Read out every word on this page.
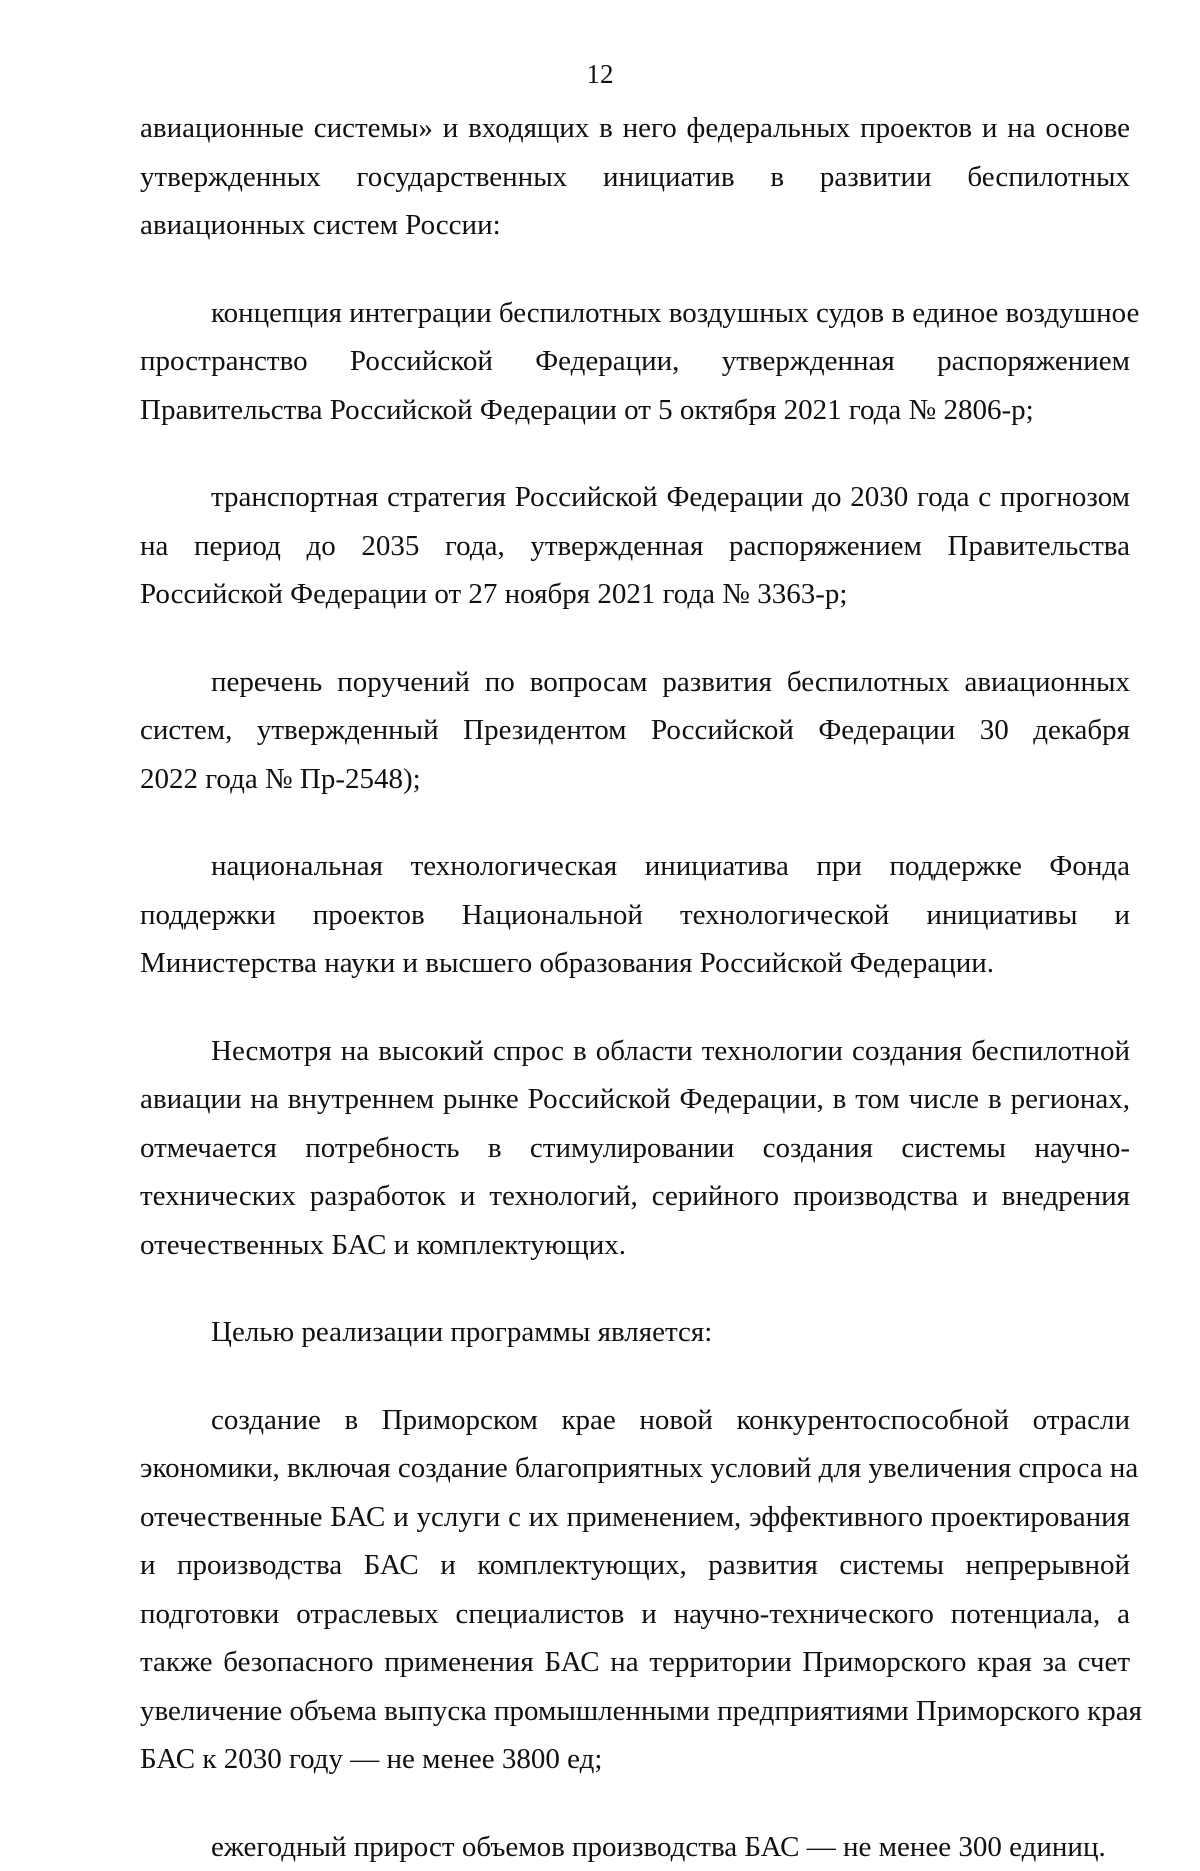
12
авиационные системы» и входящих в него федеральных проектов и на основе
утвержденных государственных инициатив в развитии беспилотных
авиационных систем России:
концепция интеграции беспилотных воздушных судов в единое воздушное
пространство Российской Федерации, утвержденная распоряжением
Правительства Российской Федерации от 5 октября 2021 года № 2806-р;
транспортная стратегия Российской Федерации до 2030 года с прогнозом
на период до 2035 года, утвержденная распоряжением Правительства
Российской Федерации от 27 ноября 2021 года № 3363-р;
перечень поручений по вопросам развития беспилотных авиационных
систем, утвержденный Президентом Российской Федерации 30 декабря
2022 года № Пр-2548);
национальная технологическая инициатива при поддержке Фонда
поддержки проектов Национальной технологической инициативы и
Министерства науки и высшего образования Российской Федерации.
Несмотря на высокий спрос в области технологии создания беспилотной
авиации на внутреннем рынке Российской Федерации, в том числе в регионах,
отмечается потребность в стимулировании создания системы научно-
технических разработок и технологий, серийного производства и внедрения
отечественных БАС и комплектующих.
Целью реализации программы является:
создание в Приморском крае новой конкурентоспособной отрасли
экономики, включая создание благоприятных условий для увеличения спроса на
отечественные БАС и услуги с их применением, эффективного проектирования
и производства БАС и комплектующих, развития системы непрерывной
подготовки отраслевых специалистов и научно-технического потенциала, а
также безопасного применения БАС на территории Приморского края за счет
увеличение объема выпуска промышленными предприятиями Приморского края
БАС к 2030 году — не менее 3800 ед;
ежегодный прирост объемов производства БАС — не менее 300 единиц.
